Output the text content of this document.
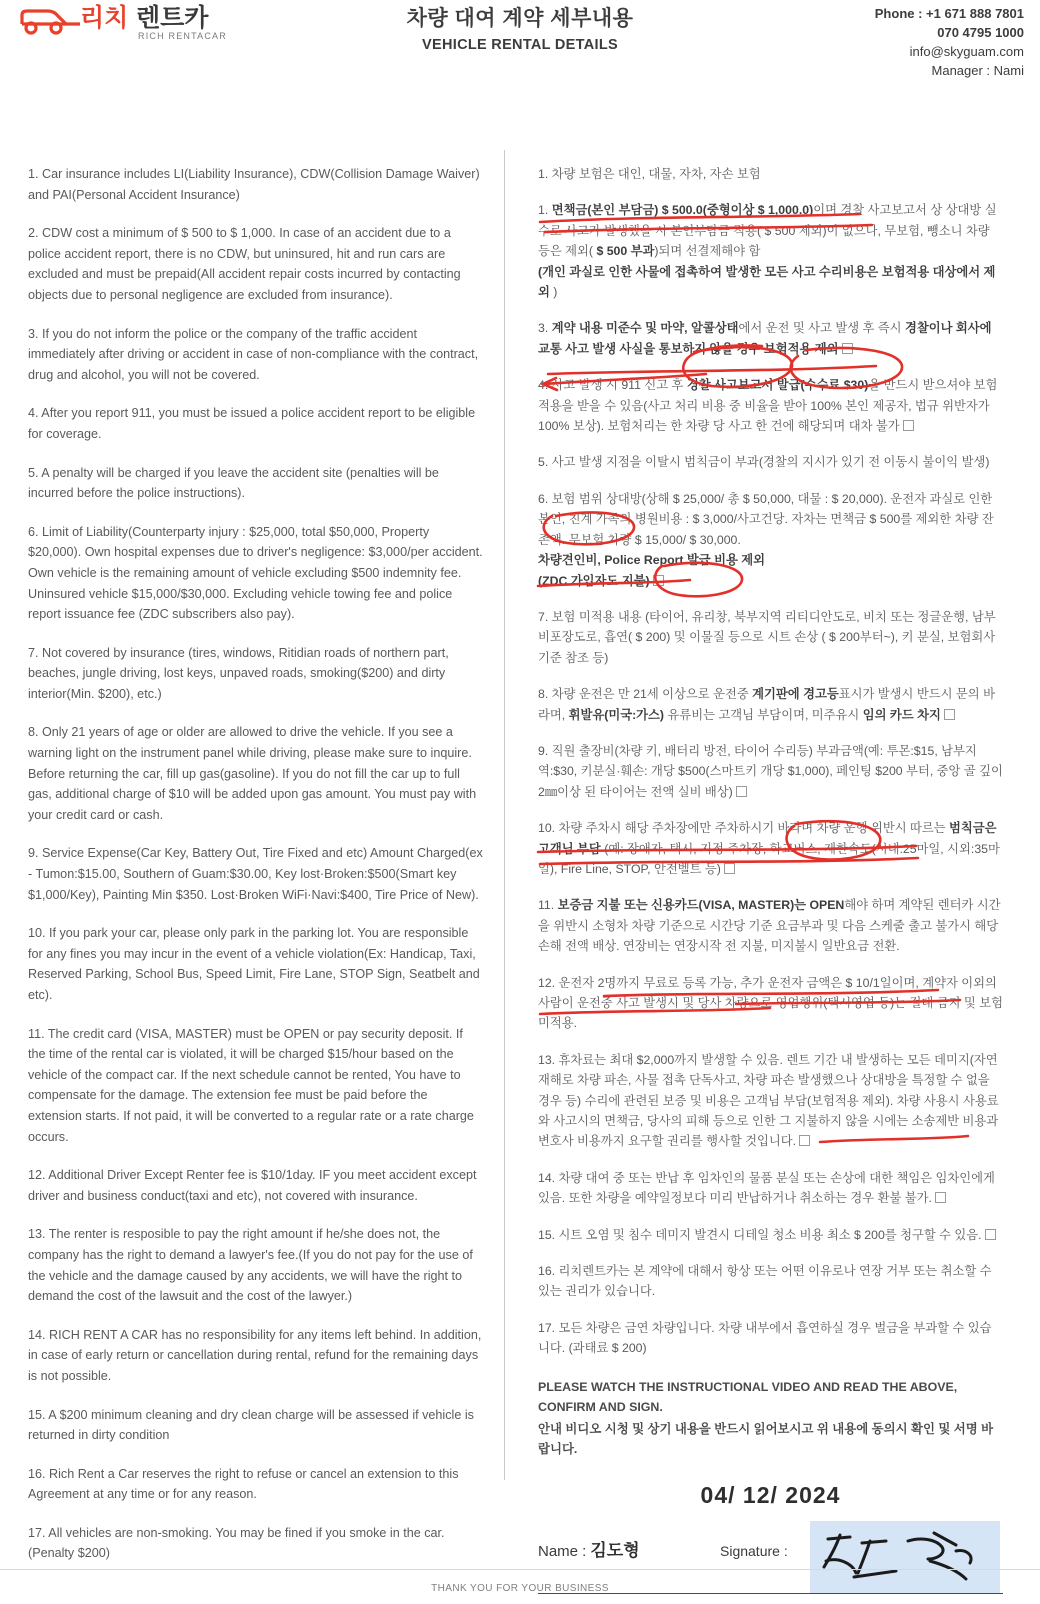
리치 렌트카
RICH RENTACAR
차량 대여 계약 세부내용
VEHICLE RENTAL DETAILS
Phone : +1 671 888 7801
070 4795 1000
info@skyguam.com
Manager : Nami

1. Car insurance includes LI(Liability Insurance), CDW(Collision Damage Waiver) and PAI(Personal Accident Insurance)

2. CDW cost a minimum of $ 500 to $ 1,000. In case of an accident due to a police accident report, there is no CDW, but uninsured, hit and run cars are excluded and must be prepaid(All accident repair costs incurred by contacting objects due to personal negligence are excluded from insurance).

3. If you do not inform the police or the company of the traffic accident immediately after driving or accident in case of non-compliance with the contract, drug and alcohol, you will not be covered.

4. After you report 911, you must be issued a police accident report to be eligible for coverage.

5. A penalty will be charged if you leave the accident site (penalties will be incurred before the police instructions).

6. Limit of Liability(Counterparty injury : $25,000, total $50,000, Property $20,000). Own hospital expenses due to driver's negligence: $3,000/per accident. Own vehicle is the remaining amount of vehicle excluding $500 indemnity fee. Uninsured vehicle $15,000/$30,000. Excluding vehicle towing fee and police report issuance fee (ZDC subscribers also pay).

7. Not covered by insurance (tires, windows, Ritidian roads of northern part, beaches, jungle driving, lost keys, unpaved roads, smoking($200) and dirty interior(Min. $200), etc.)

8. Only 21 years of age or older are allowed to drive the vehicle. If you see a warning light on the instrument panel while driving, please make sure to inquire. Before returning the car, fill up gas(gasoline). If you do not fill the car up to full gas, additional charge of $10 will be added upon gas amount. You must pay with your credit card or cash.

9. Service Expense(Car Key, Battery Out, Tire Fixed and etc) Amount Charged(ex - Tumon:$15.00, Southern of Guam:$30.00, Key lost·Broken:$500(Smart key $1,000/Key), Painting Min $350. Lost·Broken WiFi·Navi:$400, Tire Price of New).

10. If you park your car, please only park in the parking lot. You are responsible for any fines you may incur in the event of a vehicle violation(Ex: Handicap, Taxi, Reserved Parking, School Bus, Speed Limit, Fire Lane, STOP Sign, Seatbelt and etc).

11. The credit card (VISA, MASTER) must be OPEN or pay security deposit. If the time of the rental car is violated, it will be charged $15/hour based on the vehicle of the compact car. If the next schedule cannot be rented, You have to compensate for the damage. The extension fee must be paid before the extension starts. If not paid, it will be converted to a regular rate or a rate charge occurs.

12. Additional Driver Except Renter fee is $10/1day. IF you meet accident except driver and business conduct(taxi and etc), not covered with insurance.

13. The renter is resposible to pay the right amount if he/she does not, the company has the right to demand a lawyer's fee.(If you do not pay for the use of the vehicle and the damage caused by any accidents, we will have the right to demand the cost of the lawsuit and the cost of the lawyer.)

14. RICH RENT A CAR has no responsibility for any items left behind. In addition, in case of early return or cancellation during rental, refund for the remaining days is not possible.

15. A $200 minimum cleaning and dry clean charge will be assessed if vehicle is returned in dirty condition

16. Rich Rent a Car reserves the right to refuse or cancel an extension to this Agreement at any time or for any reason.

17. All vehicles are non-smoking. You may be fined if you smoke in the car. (Penalty $200)

1. 차량 보험은 대인, 대물, 자차, 자손 보험

1. 면책금(본인 부담금) $ 500.0(중형이상 $ 1,000.0)이며 경찰 사고보고서 상 상대방 실수로 사고가 발생했을 시 본인부담금 적용( $ 500 제외)이 없으나, 무보험, 뺑소니 차량 등은 제외( $ 500 부과)되며 선결제해야 함
(개인 과실로 인한 사물에 접촉하여 발생한 모든 사고 수리비용은 보험적용 대상에서 제외 )

3. 계약 내용 미준수 및 마약, 알콜상태에서 운전 및 사고 발생 후 즉시 경찰이나 회사에 교통 사고 발생 사실을 통보하지 않을 경우 보험적용 제외

4. 사고 발생 시 911 신고 후 경찰 사고보고서 발급(수수료 $30)을 반드시 받으셔야 보험 적용을 받을 수 있음(사고 처리 비용 중 비율을 받아 100% 본인 제공자, 법규 위반자가 100% 보상). 보험처리는 한 차량 당 사고 한 건에 해당되며 대차 불가

5. 사고 발생 지점을 이탈시 범칙금이 부과(경찰의 지시가 있기 전 이동시 불이익 발생)

6. 보험 범위 상대방(상해 $ 25,000/ 총 $ 50,000, 대물 : $ 20,000). 운전자 과실로 인한 본인, 친계 가족의 병원비용 : $ 3,000/사고건당. 자차는 면책금 $ 500를 제외한 차량 잔존액. 무보험 차량 $ 15,000/ $ 30,000.
차량견인비, Police Report 발급 비용 제외
(ZDC 가입자도 지불)

7. 보험 미적용 내용 (타이어, 유리창, 북부지역 리티디안도로, 비치 또는 정글운행, 남부 비포장도로, 흡연( $ 200) 및 이물질 등으로 시트 손상 ( $ 200부터~), 키 분실, 보험회사 기준 참조 등)

8. 차량 운전은 만 21세 이상으로 운전중 계기판에 경고등표시가 발생시 반드시 문의 바라며, 휘발유(미국:가스) 유류비는 고객님 부담이며, 미주유시 임의 카드 차지

9. 직원 출장비(차량 키, 배터리 방전, 타이어 수리등) 부과금액(예: 투몬:$15, 남부지역:$30, 키분실·훼손: 개당 $500(스마트키 개당 $1,000), 페인팅 $200 부터, 중앙 골 깊이 2㎜이상 된 타이어는 전액 실비 배상)

10. 차량 주차시 해당 주차장에만 주차하시기 바라며 차량 운행 위반시 따르는 범칙금은 고객님 부담 (예: 장애자, 택시, 지정 주차장, 학교버스, 제한속도(시내:25마일, 시외:35마일), Fire Line, STOP, 안전벨트 등)

11. 보증금 지불 또는 신용카드(VISA, MASTER)는 OPEN해야 하며 계약된 렌터카 시간을 위반시 소형차 차량 기준으로 시간당 기준 요금부과 및 다음 스케줄 출고 불가시 해당 손해 전액 배상. 연장비는 연장시작 전 지불, 미지불시 일반요금 전환.

12. 운전자 2명까지 무료로 등록 가능, 추가 운전자 금액은 $ 10/1일이며, 계약자 이외의 사람이 운전중 사고 발생시 및 당사 차량으로 영업행위(택시영업 등)는 절대 금지 및 보험 미적용.

13. 휴차료는 최대 $2,000까지 발생할 수 있음. 렌트 기간 내 발생하는 모든 데미지(자연재해로 차량 파손, 사물 접촉 단독사고, 차량 파손 발생했으나 상대방을 특정할 수 없을 경우 등) 수리에 관련된 보증 및 비용은 고객님 부담(보험적용 제외). 차량 사용시 사용료와 사고시의 면책금, 당사의 피해 등으로 인한 그 지불하지 않을 시에는 소송제반 비용과 변호사 비용까지 요구할 권리를 행사할 것입니다.

14. 차량 대여 중 또는 반납 후 임차인의 물품 분실 또는 손상에 대한 책임은 임차인에게 있음. 또한 차량을 예약일정보다 미리 반납하거나 취소하는 경우 환불 불가.

15. 시트 오염 및 침수 데미지 발견시 디테일 청소 비용 최소 $ 200를 청구할 수 있음.

16. 리치렌트카는 본 계약에 대해서 항상 또는 어떤 이유로나 연장 거부 또는 취소할 수 있는 권리가 있습니다.

17. 모든 차량은 금연 차량입니다. 차량 내부에서 흡연하실 경우 벌금을 부과할 수 있습니다. (과태료 $ 200)

PLEASE WATCH THE INSTRUCTIONAL VIDEO AND READ THE ABOVE, CONFIRM AND SIGN.
안내 비디오 시청 및 상기 내용을 반드시 읽어보시고 위 내용에 동의시 확인 및 서명 바랍니다.
04/ 12/ 2024
Name : 김도형	Signature :
THANK YOU FOR YOUR BUSINESS
